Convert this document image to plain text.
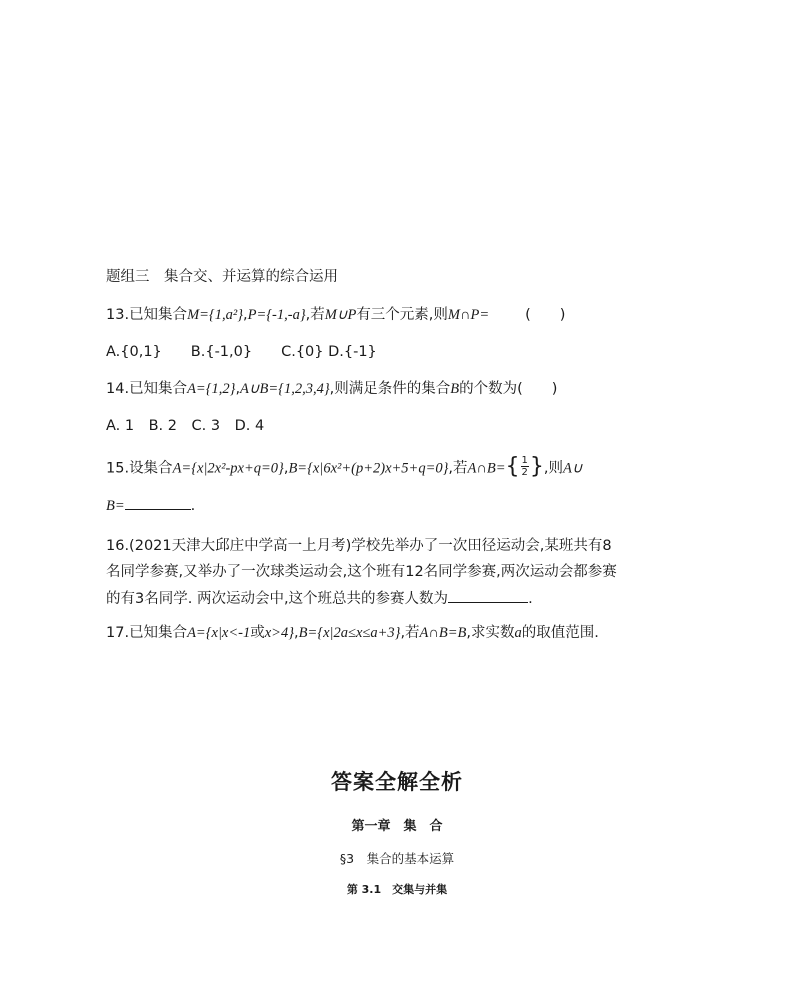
题组三　集合交、并运算的综合运用
13.已知集合M={1,a²},P={-1,-a},若M∪P有三个元素,则M∩P= (　　)
A.{0,1}　　B.{-1,0}　　C.{0} D.{-1}
14.已知集合A={1,2},A∪B={1,2,3,4},则满足条件的集合B的个数为(　　)
A. 1　B. 2　C. 3　D. 4
15.设集合A={x|2x²-px+q=0},B={x|6x²+(p+2)x+5+q=0},若A∩B= { $\frac{1}{2}$ } ,则A∪
B=	.
16.(2021天津大邱庄中学高一上月考)学校先举办了一次田径运动会,某班共有8
名同学参赛,又举办了一次球类运动会,这个班有12名同学参赛,两次运动会都参赛
的有3名同学. 两次运动会中,这个班总共的参赛人数为	.
17.已知集合A={x|x<-1或x>4},B={x|2a≤x≤a+3},若A∩B=B,求实数a的取值范围.
答案全解全析
第一章　集　合
§3　集合的基本运算
第 3.1　交集与并集
